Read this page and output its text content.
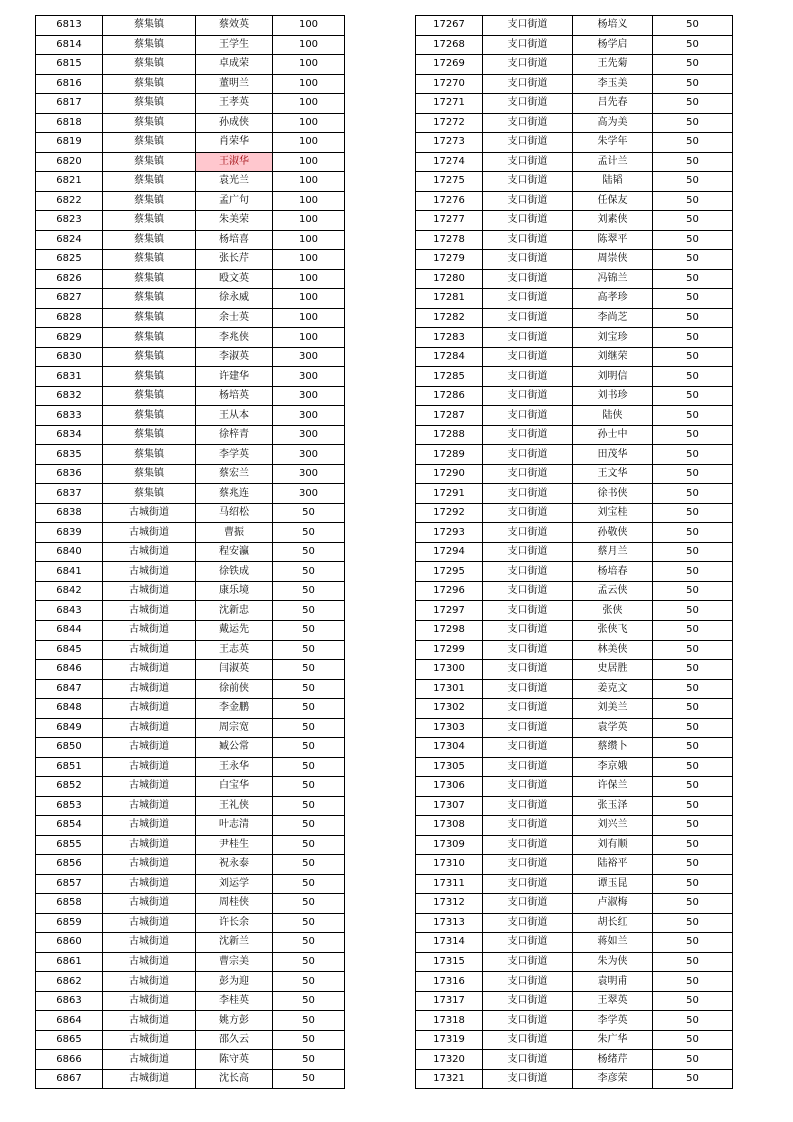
6813	蔡集镇	蔡效英	100
6814	蔡集镇	王学生	100
6815	蔡集镇	卓成荣	100
6816	蔡集镇	董明兰	100
6817	蔡集镇	王孝英	100
6818	蔡集镇	孙成侠	100
6819	蔡集镇	肖荣华	100
6820	蔡集镇	王淑华	100
6821	蔡集镇	袁光兰	100
6822	蔡集镇	孟广句	100
6823	蔡集镇	朱美荣	100
6824	蔡集镇	杨培喜	100
6825	蔡集镇	张长芹	100
6826	蔡集镇	殴文英	100
6827	蔡集镇	徐永威	100
6828	蔡集镇	余士英	100
6829	蔡集镇	李兆侠	100
6830	蔡集镇	李淑英	300
6831	蔡集镇	许建华	300
6832	蔡集镇	杨培英	300
6833	蔡集镇	王从本	300
6834	蔡集镇	徐梓青	300
6835	蔡集镇	李学英	300
6836	蔡集镇	蔡宏兰	300
6837	蔡集镇	蔡兆连	300
6838	古城街道	马绍松	50
6839	古城街道	曹振	50
6840	古城街道	程安瀛	50
6841	古城街道	徐铁成	50
6842	古城街道	康乐境	50
6843	古城街道	沈新忠	50
6844	古城街道	戴运先	50
6845	古城街道	王志英	50
6846	古城街道	闫淑英	50
6847	古城街道	徐前侠	50
6848	古城街道	李金鹏	50
6849	古城街道	周宗宽	50
6850	古城街道	臧公常	50
6851	古城街道	王永华	50
6852	古城街道	白宝华	50
6853	古城街道	王礼侠	50
6854	古城街道	叶志清	50
6855	古城街道	尹桂生	50
6856	古城街道	祝永泰	50
6857	古城街道	刘运学	50
6858	古城街道	周桂侠	50
6859	古城街道	许长余	50
6860	古城街道	沈新兰	50
6861	古城街道	曹宗美	50
6862	古城街道	彭为迎	50
6863	古城街道	李桂英	50
6864	古城街道	姚方彭	50
6865	古城街道	邵久云	50
6866	古城街道	陈守英	50
6867	古城街道	沈长高	50
17267	支口街道	杨培义	50
17268	支口街道	杨学启	50
17269	支口街道	王先菊	50
17270	支口街道	李玉美	50
17271	支口街道	吕先春	50
17272	支口街道	高为美	50
17273	支口街道	朱学年	50
17274	支口街道	孟计兰	50
17275	支口街道	陆韬	50
17276	支口街道	任保友	50
17277	支口街道	刘素侠	50
17278	支口街道	陈翠平	50
17279	支口街道	周崇侠	50
17280	支口街道	冯锦兰	50
17281	支口街道	高孝珍	50
17282	支口街道	李尚芝	50
17283	支口街道	刘宝珍	50
17284	支口街道	刘继荣	50
17285	支口街道	刘明信	50
17286	支口街道	刘书珍	50
17287	支口街道	陆侠	50
17288	支口街道	孙士中	50
17289	支口街道	田茂华	50
17290	支口街道	王文华	50
17291	支口街道	徐书侠	50
17292	支口街道	刘宝桂	50
17293	支口街道	孙敬侠	50
17294	支口街道	蔡月兰	50
17295	支口街道	杨培春	50
17296	支口街道	孟云侠	50
17297	支口街道	张侠	50
17298	支口街道	张侠飞	50
17299	支口街道	林美侠	50
17300	支口街道	史居胜	50
17301	支口街道	姜克文	50
17302	支口街道	刘美兰	50
17303	支口街道	袁学英	50
17304	支口街道	蔡缵卜	50
17305	支口街道	李京娥	50
17306	支口街道	许保兰	50
17307	支口街道	张玉泽	50
17308	支口街道	刘兴兰	50
17309	支口街道	刘有顺	50
17310	支口街道	陆裕平	50
17311	支口街道	谭玉昆	50
17312	支口街道	卢淑梅	50
17313	支口街道	胡长红	50
17314	支口街道	蒋如兰	50
17315	支口街道	朱为侠	50
17316	支口街道	袁明甫	50
17317	支口街道	王翠英	50
17318	支口街道	李学英	50
17319	支口街道	朱广华	50
17320	支口街道	杨绪芹	50
17321	支口街道	李彦荣	50
